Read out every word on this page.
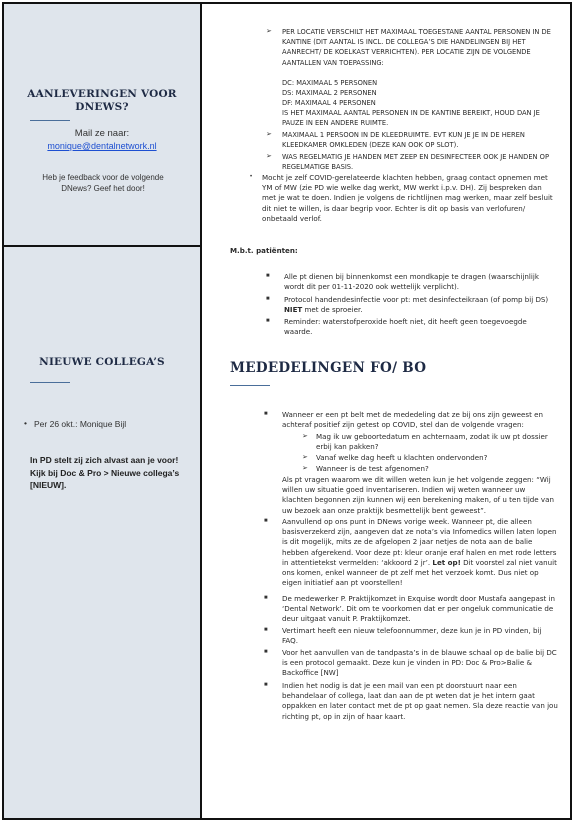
AANLEVERINGEN VOOR DNEWS?
Mail ze naar:
monique@dentalnetwork.nl
Heb je feedback voor de volgende DNews? Geef het door!
NIEUWE COLLEGA’S
• Per 26 okt.: Monique Bijl
In PD stelt zij zich alvast aan je voor! Kijk bij Doc & Pro > Nieuwe collega’s [NIEUW].
➢ PER LOCATIE VERSCHILT HET MAXIMAAL TOEGESTANE AANTAL PERSONEN IN DE KANTINE (DIT AANTAL IS INCL. DE COLLEGA’S DIE HANDELINGEN BIJ HET AANRECHT/ DE KOELKAST VERRICHTEN). PER LOCATIE ZIJN DE VOLGENDE AANTALLEN VAN TOEPASSING:
DC: MAXIMAAL 5 PERSONEN
DS: MAXIMAAL 2 PERSONEN
DF: MAXIMAAL 4 PERSONEN
IS HET MAXIMAAL AANTAL PERSONEN IN DE KANTINE BEREIKT, HOUD DAN JE PAUZE IN EEN ANDERE RUIMTE.
➢ MAXIMAAL 1 PERSOON IN DE KLEEDRUIMTE. EVT KUN JE JE IN DE HEREN KLEEDKAMER OMKLEDEN (DEZE KAN OOK OP SLOT).
➢ WAS REGELMATIG JE HANDEN MET ZEEP EN DESINFECTEER OOK JE HANDEN OP REGELMATIGE BASIS.
• Mocht je zelf COVID-gerelateerde klachten hebben, graag contact opnemen met YM of MW (zie PD wie welke dag werkt, MW werkt i.p.v. DH). Zij bespreken dan met je wat te doen. Indien je volgens de richtlijnen mag werken, maar zelf besluit dit niet te willen, is daar begrip voor. Echter is dit op basis van verlofuren/ onbetaald verlof.
M.b.t. patiënten:
■ Alle pt dienen bij binnenkomst een mondkapje te dragen (waarschijnlijk wordt dit per 01-11-2020 ook wettelijk verplicht).
■ Protocol handendesinfectie voor pt: met desinfecteikraan (of pomp bij DS) NIET met de sproeier.
■ Reminder: waterstofperoxide hoeft niet, dit heeft geen toegevoegde waarde.
MEDEDELINGEN FO/ BO
■ Wanneer er een pt belt met de mededeling dat ze bij ons zijn geweest en achteraf positief zijn getest op COVID, stel dan de volgende vragen:
➢ Mag ik uw geboortedatum en achternaam, zodat ik uw pt dossier erbij kan pakken?
➢ Vanaf welke dag heeft u klachten ondervonden?
➢ Wanneer is de test afgenomen?
Als pt vragen waarom we dit willen weten kun je het volgende zeggen: “Wij willen uw situatie goed inventariseren. Indien wij weten wanneer uw klachten begonnen zijn kunnen wij een berekening maken, of u ten tijde van uw bezoek aan onze praktijk besmettelijk bent geweest”.
■ Aanvullend op ons punt in DNews vorige week. Wanneer pt, die alleen basisverzekerd zijn, aangeven dat ze nota’s via Infomedics willen laten lopen is dit mogelijk, mits ze de afgelopen 2 jaar netjes de nota aan de balie hebben afgerekend. Voor deze pt: kleur oranje eraf halen en met rode letters in attentietekst vermelden: ‘akkoord 2 jr’. Let op! Dit voorstel zal niet vanuit ons komen, enkel wanneer de pt zelf met het verzoek komt. Dus niet op eigen initiatief aan pt voorstellen!
■ De medewerker P. Praktijkomzet in Exquise wordt door Mustafa aangepast in ‘Dental Network’. Dit om te voorkomen dat er per ongeluk communicatie de deur uitgaat vanuit P. Praktijkomzet.
■ Vertimart heeft een nieuw telefoonnummer, deze kun je in PD vinden, bij FAQ.
■ Voor het aanvullen van de tandpasta’s in de blauwe schaal op de balie bij DC is een protocol gemaakt. Deze kun je vinden in PD: Doc & Pro>Balie & Backoffice [NW]
■ Indien het nodig is dat je een mail van een pt doorstuurt naar een behandelaar of collega, laat dan aan de pt weten dat je het intern gaat oppakken en later contact met de pt op gaat nemen. Sla deze reactie van jou richting pt, op in zijn of haar kaart.
